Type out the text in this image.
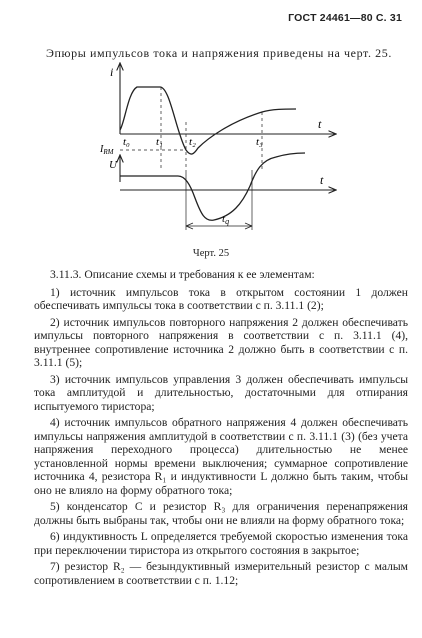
ГОСТ 24461—80 С. 31
Эпюры импульсов тока и напряжения приведены на черт. 25.
i
t
t₀ t₁ t₂	t₃
$I_{RM}$
U
t
tq
Черт. 25

3.11.3. Описание схемы и требования к ее элементам:

1) источник импульсов тока в открытом состоянии 1 должен обеспечивать импульсы тока в соответствии с п. 3.11.1 (2);

2) источник импульсов повторного напряжения 2 должен обеспечивать импульсы повторного напряжения в соответствии с п. 3.11.1 (4), внутреннее сопротивление источника 2 должно быть в соответствии с п. 3.11.1 (5);

3) источник импульсов управления 3 должен обеспечивать импульсы тока амплитудой и длительностью, достаточными для отпирания испытуемого тиристора;

4) источник импульсов обратного напряжения 4 должен обеспечивать импульсы напряжения амплитудой в соответствии с п. 3.11.1 (3) (без учета напряжения переходного процесса) длительностью не менее установленной нормы времени выключения; суммарное сопротивление источника 4, резистора R₁ и индуктивности L должно быть таким, чтобы оно не влияло на форму обратного тока;

5) конденсатор C и резистор R₃ для ограничения перенапряжения должны быть выбраны так, чтобы они не влияли на форму обратного тока;

6) индуктивность L определяется требуемой скоростью изменения тока при переключении тиристора из открытого состояния в закрытое;

7) резистор R₂ — безындуктивный измерительный резистор с малым сопротивлением в соответствии с п. 1.12;
